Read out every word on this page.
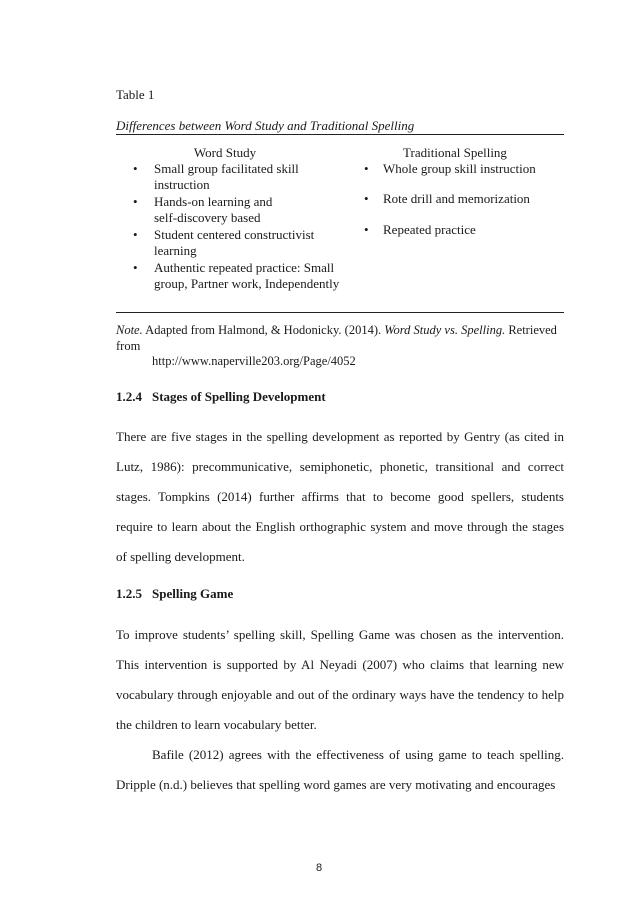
Table 1
Differences between Word Study and Traditional Spelling
Word Study	Traditional Spelling
• Small group facilitated skill instruction
• Hands-on learning and self-discovery based
• Student centered constructivist learning
• Authentic repeated practice: Small group, Partner work, Independently
• Whole group skill instruction
• Rote drill and memorization
• Repeated practice
Note. Adapted from Halmond, & Hodonicky. (2014). Word Study vs. Spelling. Retrieved from
http://www.naperville203.org/Page/4052
1.2.4 Stages of Spelling Development
There are five stages in the spelling development as reported by Gentry (as cited in Lutz, 1986): precommunicative, semiphonetic, phonetic, transitional and correct stages. Tompkins (2014) further affirms that to become good spellers, students require to learn about the English orthographic system and move through the stages of spelling development.
1.2.5 Spelling Game
To improve students’ spelling skill, Spelling Game was chosen as the intervention. This intervention is supported by Al Neyadi (2007) who claims that learning new vocabulary through enjoyable and out of the ordinary ways have the tendency to help the children to learn vocabulary better.
Bafile (2012) agrees with the effectiveness of using game to teach spelling. Dripple (n.d.) believes that spelling word games are very motivating and encourages
8
